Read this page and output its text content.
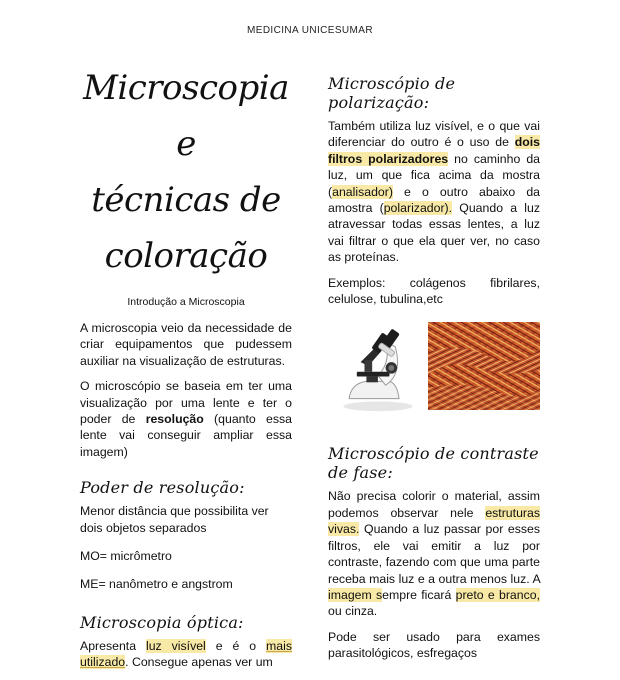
MEDICINA UNICESUMAR
Microscopia e
técnicas de
coloração
Introdução a Microscopia

A microscopia veio da necessidade de criar equipamentos que pudessem auxiliar na visualização de estruturas.

O microscópio se baseia em ter uma visualização por uma lente e ter o poder de resolução (quanto essa lente vai conseguir ampliar essa imagem)

Poder de resolução:

Menor distância que possibilita ver dois objetos separados

MO= micrômetro

ME= nanômetro e angstrom

Microscopia óptica:

Apresenta luz visível e é o mais utilizado. Consegue apenas ver um

Microscópio de polarização:

Também utiliza luz visível, e o que vai diferenciar do outro é o uso de dois filtros polarizadores no caminho da luz, um que fica acima da mostra (analisador) e o outro abaixo da amostra (polarizador). Quando a luz atravessar todas essas lentes, a luz vai filtrar o que ela quer ver, no caso as proteínas.

Exemplos: colágenos fibrilares, celulose, tubulina,etc

Microscópio de contraste de fase:

Não precisa colorir o material, assim podemos observar nele estruturas vivas. Quando a luz passar por esses filtros, ele vai emitir a luz por contraste, fazendo com que uma parte receba mais luz e a outra menos luz. A imagem sempre ficará preto e branco, ou cinza.

Pode ser usado para exames parasitológicos, esfregaços
